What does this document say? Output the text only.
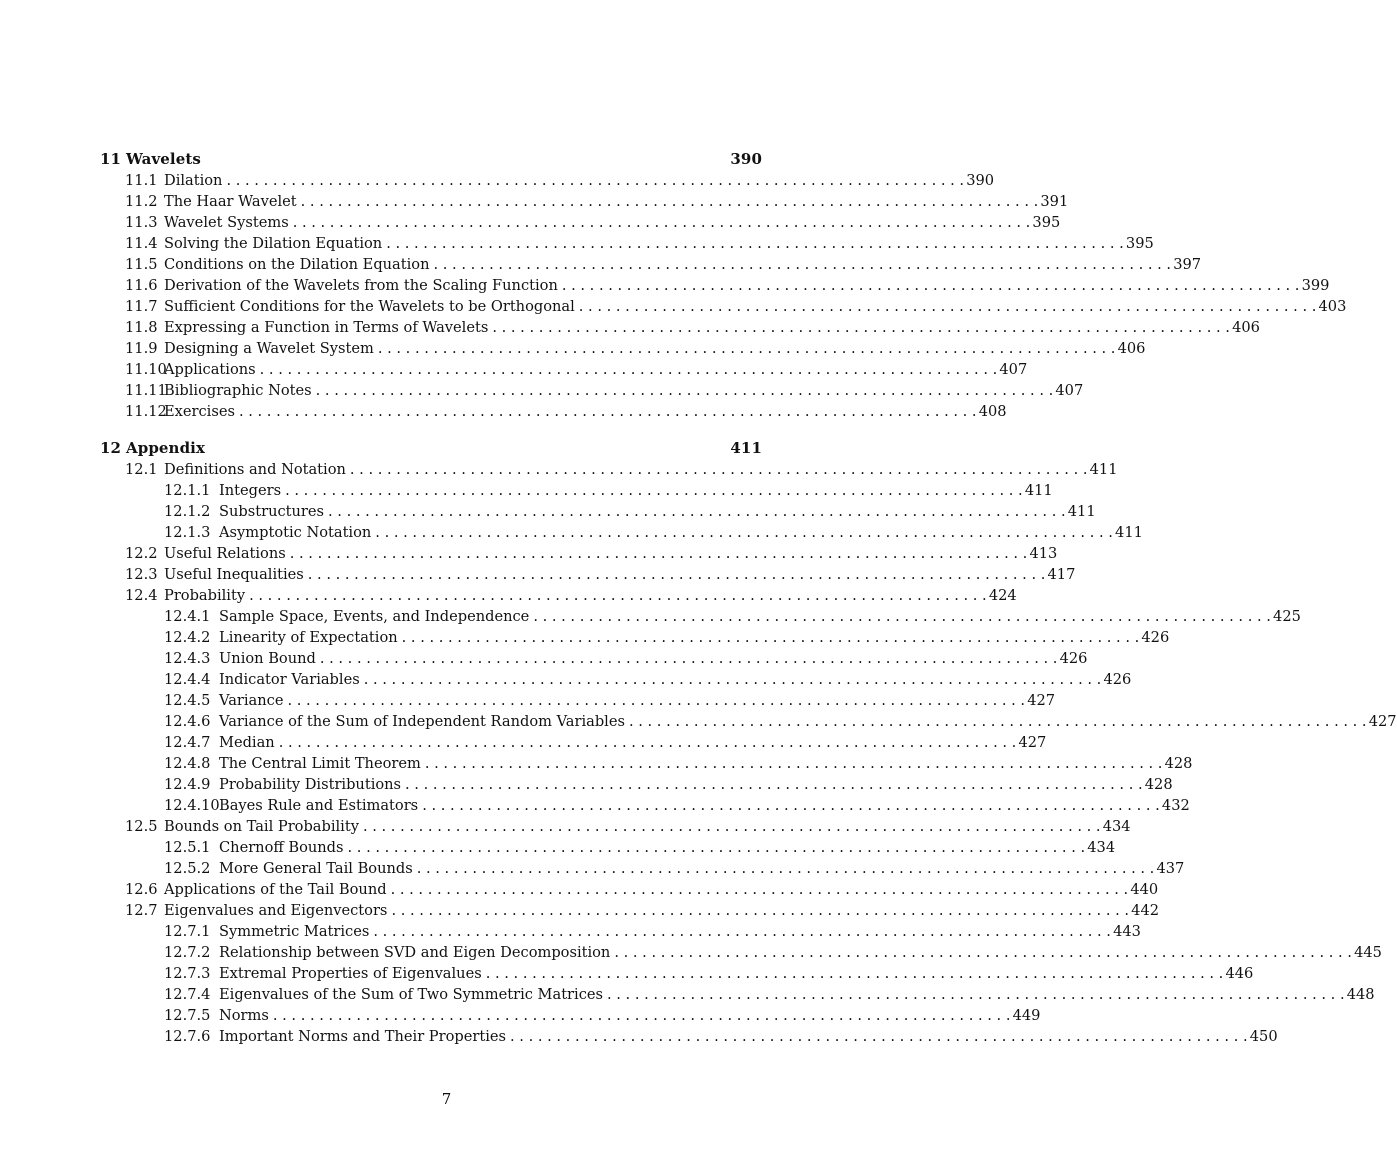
11 Wavelets	390
11.1 Dilation . . . . . . . . . . . . . . . . . . . . . . . . . . . . . . . . . . . . . . . . . . . . . . . . . . . . . . . . . . . . . . . . . . . . . . . . . . . . . . . . 390
11.2 The Haar Wavelet . . . . . . . . . . . . . . . . . . . . . . . . . . . . . . . . . . . . . . . . . . . . . . . . . . . . . . . . . . . . . . . . . . . . . . . . . . . . . . . . 391
11.3 Wavelet Systems . . . . . . . . . . . . . . . . . . . . . . . . . . . . . . . . . . . . . . . . . . . . . . . . . . . . . . . . . . . . . . . . . . . . . . . . . . . . . . . . 395
11.4 Solving the Dilation Equation . . . . . . . . . . . . . . . . . . . . . . . . . . . . . . . . . . . . . . . . . . . . . . . . . . . . . . . . . . . . . . . . . . . . . . . . . . . . . . . . 395
11.5 Conditions on the Dilation Equation . . . . . . . . . . . . . . . . . . . . . . . . . . . . . . . . . . . . . . . . . . . . . . . . . . . . . . . . . . . . . . . . . . . . . . . . . . . . . . . . 397
11.6 Derivation of the Wavelets from the Scaling Function . . . . . . . . . . . . . . . . . . . . . . . . . . . . . . . . . . . . . . . . . . . . . . . . . . . . . . . . . . . . . . . . . . . . . . . . . . . . . . . . 399
11.7 Sufficient Conditions for the Wavelets to be Orthogonal . . . . . . . . . . . . . . . . . . . . . . . . . . . . . . . . . . . . . . . . . . . . . . . . . . . . . . . . . . . . . . . . . . . . . . . . . . . . . . . . 403
11.8 Expressing a Function in Terms of Wavelets . . . . . . . . . . . . . . . . . . . . . . . . . . . . . . . . . . . . . . . . . . . . . . . . . . . . . . . . . . . . . . . . . . . . . . . . . . . . . . . . 406
11.9 Designing a Wavelet System . . . . . . . . . . . . . . . . . . . . . . . . . . . . . . . . . . . . . . . . . . . . . . . . . . . . . . . . . . . . . . . . . . . . . . . . . . . . . . . . 406
11.10
Applications . . . . . . . . . . . . . . . . . . . . . . . . . . . . . . . . . . . . . . . . . . . . . . . . . . . . . . . . . . . . . . . . . . . . . . . . . . . . . . . . 407
11.11
Bibliographic Notes . . . . . . . . . . . . . . . . . . . . . . . . . . . . . . . . . . . . . . . . . . . . . . . . . . . . . . . . . . . . . . . . . . . . . . . . . . . . . . . . 407
11.12
Exercises . . . . . . . . . . . . . . . . . . . . . . . . . . . . . . . . . . . . . . . . . . . . . . . . . . . . . . . . . . . . . . . . . . . . . . . . . . . . . . . . 408
12 Appendix	411
12.1 Definitions and Notation . . . . . . . . . . . . . . . . . . . . . . . . . . . . . . . . . . . . . . . . . . . . . . . . . . . . . . . . . . . . . . . . . . . . . . . . . . . . . . . . 411
12.1.1 Integers . . . . . . . . . . . . . . . . . . . . . . . . . . . . . . . . . . . . . . . . . . . . . . . . . . . . . . . . . . . . . . . . . . . . . . . . . . . . . . . . 411
12.1.2 Substructures . . . . . . . . . . . . . . . . . . . . . . . . . . . . . . . . . . . . . . . . . . . . . . . . . . . . . . . . . . . . . . . . . . . . . . . . . . . . . . . . 411
12.1.3 Asymptotic Notation . . . . . . . . . . . . . . . . . . . . . . . . . . . . . . . . . . . . . . . . . . . . . . . . . . . . . . . . . . . . . . . . . . . . . . . . . . . . . . . . 411
12.2 Useful Relations . . . . . . . . . . . . . . . . . . . . . . . . . . . . . . . . . . . . . . . . . . . . . . . . . . . . . . . . . . . . . . . . . . . . . . . . . . . . . . . . 413
12.3 Useful Inequalities . . . . . . . . . . . . . . . . . . . . . . . . . . . . . . . . . . . . . . . . . . . . . . . . . . . . . . . . . . . . . . . . . . . . . . . . . . . . . . . . 417
12.4 Probability . . . . . . . . . . . . . . . . . . . . . . . . . . . . . . . . . . . . . . . . . . . . . . . . . . . . . . . . . . . . . . . . . . . . . . . . . . . . . . . . 424
12.4.1 Sample Space, Events, and Independence . . . . . . . . . . . . . . . . . . . . . . . . . . . . . . . . . . . . . . . . . . . . . . . . . . . . . . . . . . . . . . . . . . . . . . . . . . . . . . . . 425
12.4.2 Linearity of Expectation . . . . . . . . . . . . . . . . . . . . . . . . . . . . . . . . . . . . . . . . . . . . . . . . . . . . . . . . . . . . . . . . . . . . . . . . . . . . . . . . 426
12.4.3 Union Bound . . . . . . . . . . . . . . . . . . . . . . . . . . . . . . . . . . . . . . . . . . . . . . . . . . . . . . . . . . . . . . . . . . . . . . . . . . . . . . . . 426
12.4.4 Indicator Variables . . . . . . . . . . . . . . . . . . . . . . . . . . . . . . . . . . . . . . . . . . . . . . . . . . . . . . . . . . . . . . . . . . . . . . . . . . . . . . . . 426
12.4.5 Variance . . . . . . . . . . . . . . . . . . . . . . . . . . . . . . . . . . . . . . . . . . . . . . . . . . . . . . . . . . . . . . . . . . . . . . . . . . . . . . . . 427
12.4.6 Variance of the Sum of Independent Random Variables . . . . . . . . . . . . . . . . . . . . . . . . . . . . . . . . . . . . . . . . . . . . . . . . . . . . . . . . . . . . . . . . . . . . . . . . . . . . . . . . 427
12.4.7 Median . . . . . . . . . . . . . . . . . . . . . . . . . . . . . . . . . . . . . . . . . . . . . . . . . . . . . . . . . . . . . . . . . . . . . . . . . . . . . . . . 427
12.4.8 The Central Limit Theorem . . . . . . . . . . . . . . . . . . . . . . . . . . . . . . . . . . . . . . . . . . . . . . . . . . . . . . . . . . . . . . . . . . . . . . . . . . . . . . . . 428
12.4.9 Probability Distributions . . . . . . . . . . . . . . . . . . . . . . . . . . . . . . . . . . . . . . . . . . . . . . . . . . . . . . . . . . . . . . . . . . . . . . . . . . . . . . . . 428
12.4.10 Bayes Rule and Estimators . . . . . . . . . . . . . . . . . . . . . . . . . . . . . . . . . . . . . . . . . . . . . . . . . . . . . . . . . . . . . . . . . . . . . . . . . . . . . . . . 432
12.5 Bounds on Tail Probability . . . . . . . . . . . . . . . . . . . . . . . . . . . . . . . . . . . . . . . . . . . . . . . . . . . . . . . . . . . . . . . . . . . . . . . . . . . . . . . . 434
12.5.1 Chernoff Bounds . . . . . . . . . . . . . . . . . . . . . . . . . . . . . . . . . . . . . . . . . . . . . . . . . . . . . . . . . . . . . . . . . . . . . . . . . . . . . . . . 434
12.5.2 More General Tail Bounds . . . . . . . . . . . . . . . . . . . . . . . . . . . . . . . . . . . . . . . . . . . . . . . . . . . . . . . . . . . . . . . . . . . . . . . . . . . . . . . . 437
12.6 Applications of the Tail Bound . . . . . . . . . . . . . . . . . . . . . . . . . . . . . . . . . . . . . . . . . . . . . . . . . . . . . . . . . . . . . . . . . . . . . . . . . . . . . . . . 440
12.7 Eigenvalues and Eigenvectors . . . . . . . . . . . . . . . . . . . . . . . . . . . . . . . . . . . . . . . . . . . . . . . . . . . . . . . . . . . . . . . . . . . . . . . . . . . . . . . . 442
12.7.1 Symmetric Matrices . . . . . . . . . . . . . . . . . . . . . . . . . . . . . . . . . . . . . . . . . . . . . . . . . . . . . . . . . . . . . . . . . . . . . . . . . . . . . . . . 443
12.7.2 Relationship between SVD and Eigen Decomposition . . . . . . . . . . . . . . . . . . . . . . . . . . . . . . . . . . . . . . . . . . . . . . . . . . . . . . . . . . . . . . . . . . . . . . . . . . . . . . . . 445
12.7.3 Extremal Properties of Eigenvalues . . . . . . . . . . . . . . . . . . . . . . . . . . . . . . . . . . . . . . . . . . . . . . . . . . . . . . . . . . . . . . . . . . . . . . . . . . . . . . . . 446
12.7.4 Eigenvalues of the Sum of Two Symmetric Matrices . . . . . . . . . . . . . . . . . . . . . . . . . . . . . . . . . . . . . . . . . . . . . . . . . . . . . . . . . . . . . . . . . . . . . . . . . . . . . . . . 448
12.7.5 Norms . . . . . . . . . . . . . . . . . . . . . . . . . . . . . . . . . . . . . . . . . . . . . . . . . . . . . . . . . . . . . . . . . . . . . . . . . . . . . . . . 449
12.7.6 Important Norms and Their Properties . . . . . . . . . . . . . . . . . . . . . . . . . . . . . . . . . . . . . . . . . . . . . . . . . . . . . . . . . . . . . . . . . . . . . . . . . . . . . . . . 450
7
